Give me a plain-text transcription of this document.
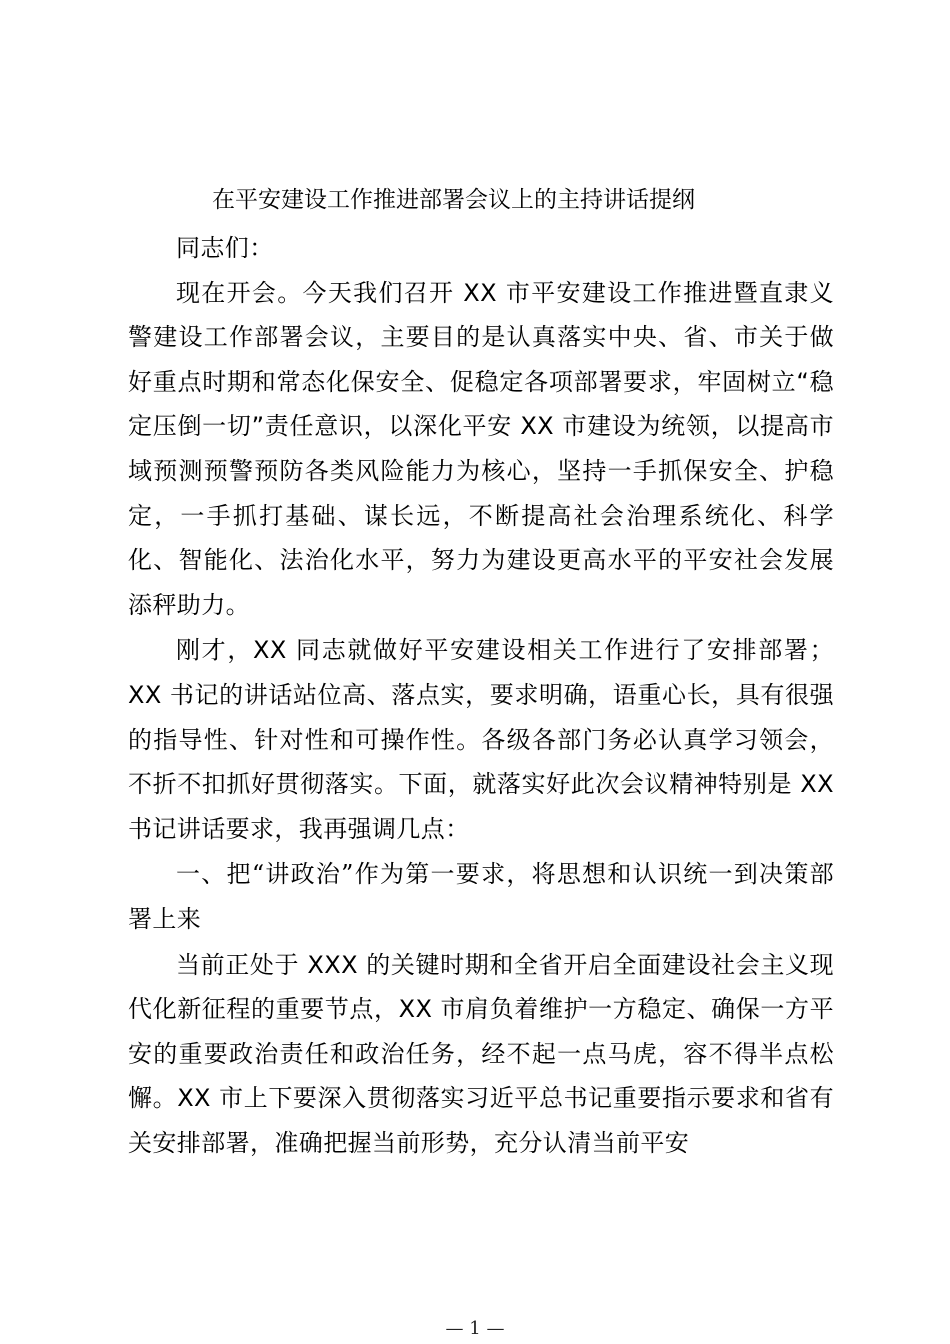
在平安建设工作推进部署会议上的主持讲话提纲

同志们：

现在开会。今天我们召开 XX 市平安建设工作推进暨直隶义警建设工作部署会议，主要目的是认真落实中央、省、市关于做好重点时期和常态化保安全、促稳定各项部署要求，牢固树立“稳定压倒一切”责任意识，以深化平安 XX 市建设为统领，以提高市域预测预警预防各类风险能力为核心，坚持一手抓保安全、护稳定，一手抓打基础、谋长远，不断提高社会治理系统化、科学化、智能化、法治化水平，努力为建设更高水平的平安社会发展添秤助力。

刚才，XX 同志就做好平安建设相关工作进行了安排部署；XX 书记的讲话站位高、落点实，要求明确，语重心长，具有很强的指导性、针对性和可操作性。各级各部门务必认真学习领会，不折不扣抓好贯彻落实。下面，就落实好此次会议精神特别是 XX 书记讲话要求，我再强调几点：

一、把“讲政治”作为第一要求，将思想和认识统一到决策部署上来

当前正处于 XXX 的关键时期和全省开启全面建设社会主义现代化新征程的重要节点，XX 市肩负着维护一方稳定、确保一方平安的重要政治责任和政治任务，经不起一点马虎，容不得半点松懈。XX 市上下要深入贯彻落实习近平总书记重要指示要求和省有关安排部署，准确把握当前形势，充分认清当前平安

— 1 —
